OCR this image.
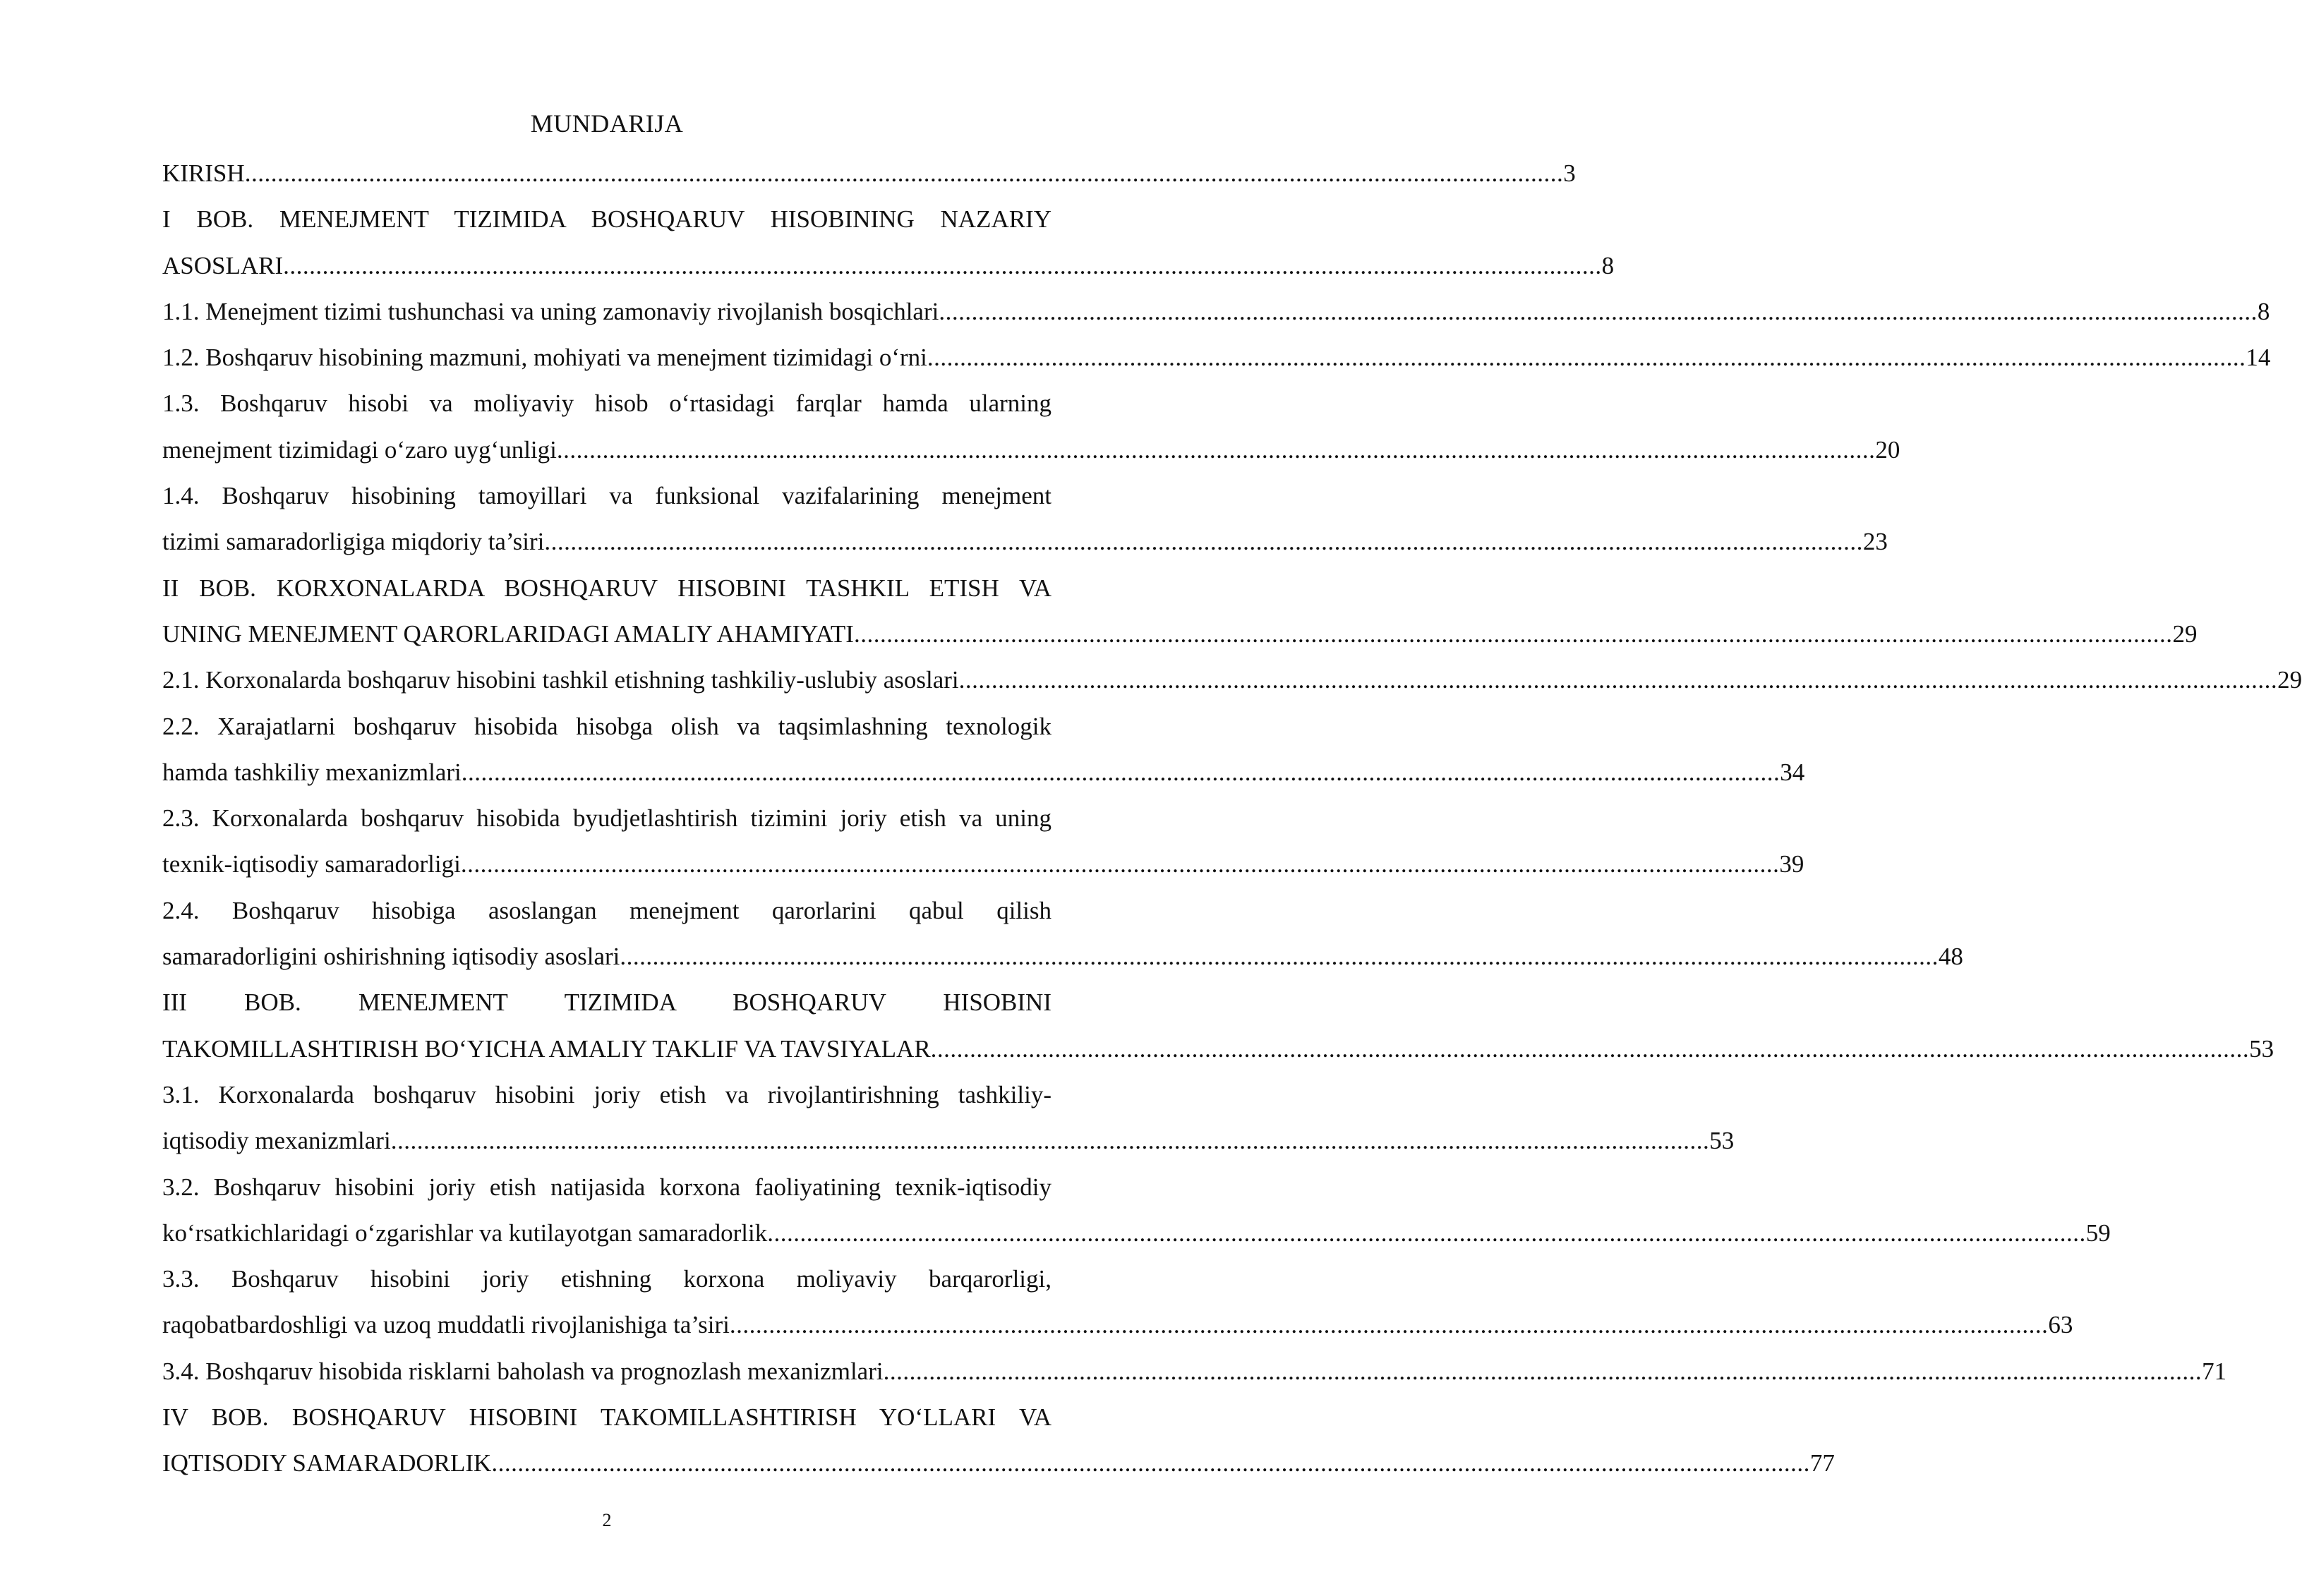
MUNDARIJA
KIRISH .......................................................................................................................................................................................................... 3
I BOB. MENEJMENT TIZIMIDA BOSHQARUV HISOBINING NAZARIY
ASOSLARI .......................................................................................................................................................................................................... 8
1.1. Menejment tizimi tushunchasi va uning zamonaviy rivojlanish bosqichlari .......................................................................................................................................................................................................... 8
1.2. Boshqaruv hisobining mazmuni, mohiyati va menejment tizimidagi o‘rni .......................................................................................................................................................................................................... 14
1.3. Boshqaruv hisobi va moliyaviy hisob o‘rtasidagi farqlar hamda ularning
menejment tizimidagi o‘zaro uyg‘unligi .......................................................................................................................................................................................................... 20
1.4. Boshqaruv hisobining tamoyillari va funksional vazifalarining menejment
tizimi samaradorligiga miqdoriy ta’siri .......................................................................................................................................................................................................... 23
II BOB. KORXONALARDA BOSHQARUV HISOBINI TASHKIL ETISH VA
UNING MENEJMENT QARORLARIDAGI AMALIY AHAMIYATI .......................................................................................................................................................................................................... 29
2.1. Korxonalarda boshqaruv hisobini tashkil etishning tashkiliy-uslubiy asoslari .......................................................................................................................................................................................................... 29
2.2. Xarajatlarni boshqaruv hisobida hisobga olish va taqsimlashning texnologik
hamda tashkiliy mexanizmlari .......................................................................................................................................................................................................... 34
2.3. Korxonalarda boshqaruv hisobida byudjetlashtirish tizimini joriy etish va uning
texnik-iqtisodiy samaradorligi .......................................................................................................................................................................................................... 39
2.4. Boshqaruv hisobiga asoslangan menejment qarorlarini qabul qilish
samaradorligini oshirishning iqtisodiy asoslari .......................................................................................................................................................................................................... 48
III BOB. MENEJMENT TIZIMIDA BOSHQARUV HISOBINI
TAKOMILLASHTIRISH BO‘YICHA AMALIY TAKLIF VA TAVSIYALAR .......................................................................................................................................................................................................... 53
3.1. Korxonalarda boshqaruv hisobini joriy etish va rivojlantirishning tashkiliy-
iqtisodiy mexanizmlari .......................................................................................................................................................................................................... 53
3.2. Boshqaruv hisobini joriy etish natijasida korxona faoliyatining texnik-iqtisodiy
ko‘rsatkichlaridagi o‘zgarishlar va kutilayotgan samaradorlik .......................................................................................................................................................................................................... 59
3.3. Boshqaruv hisobini joriy etishning korxona moliyaviy barqarorligi,
raqobatbardoshligi va uzoq muddatli rivojlanishiga ta’siri .......................................................................................................................................................................................................... 63
3.4. Boshqaruv hisobida risklarni baholash va prognozlash mexanizmlari .......................................................................................................................................................................................................... 71
IV BOB. BOSHQARUV HISOBINI TAKOMILLASHTIRISH YO‘LLARI VA
IQTISODIY SAMARADORLIK .......................................................................................................................................................................................................... 77
2
